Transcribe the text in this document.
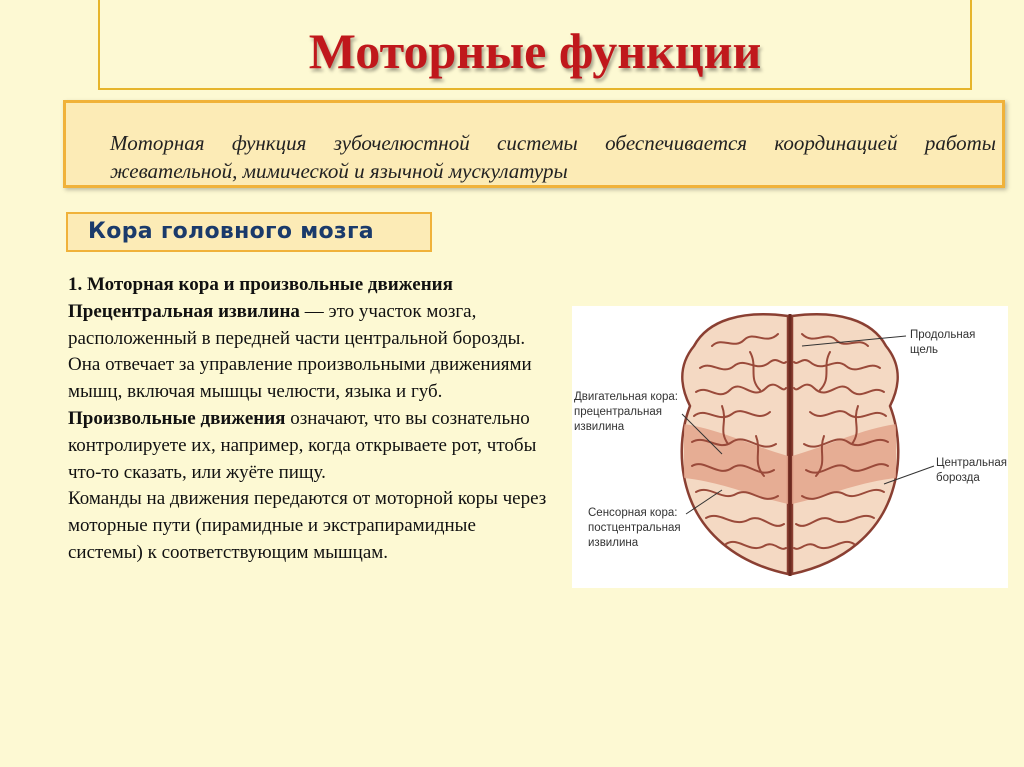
Моторные функции
Моторная функция зубочелюстной системы обеспечивается координацией работы жевательной, мимической и язычной мускулатуры
Кора головного мозга

1. Моторная кора и произвольные движения

Прецентральная извилина — это участок мозга, расположенный в передней части центральной борозды. Она отвечает за управление произвольными движениями мышц, включая мышцы челюсти, языка и губ.

Произвольные движения означают, что вы сознательно контролируете их, например, когда открываете рот, чтобы что-то сказать, или жуёте пищу.

Команды на движения передаются от моторной коры через моторные пути (пирамидные и экстрапирамидные системы) к соответствующим мышцам.

Продольная
щель
Двигательная кора:
прецентральная
извилина
Центральная
борозда
Сенсорная кора:
постцентральная
извилина
